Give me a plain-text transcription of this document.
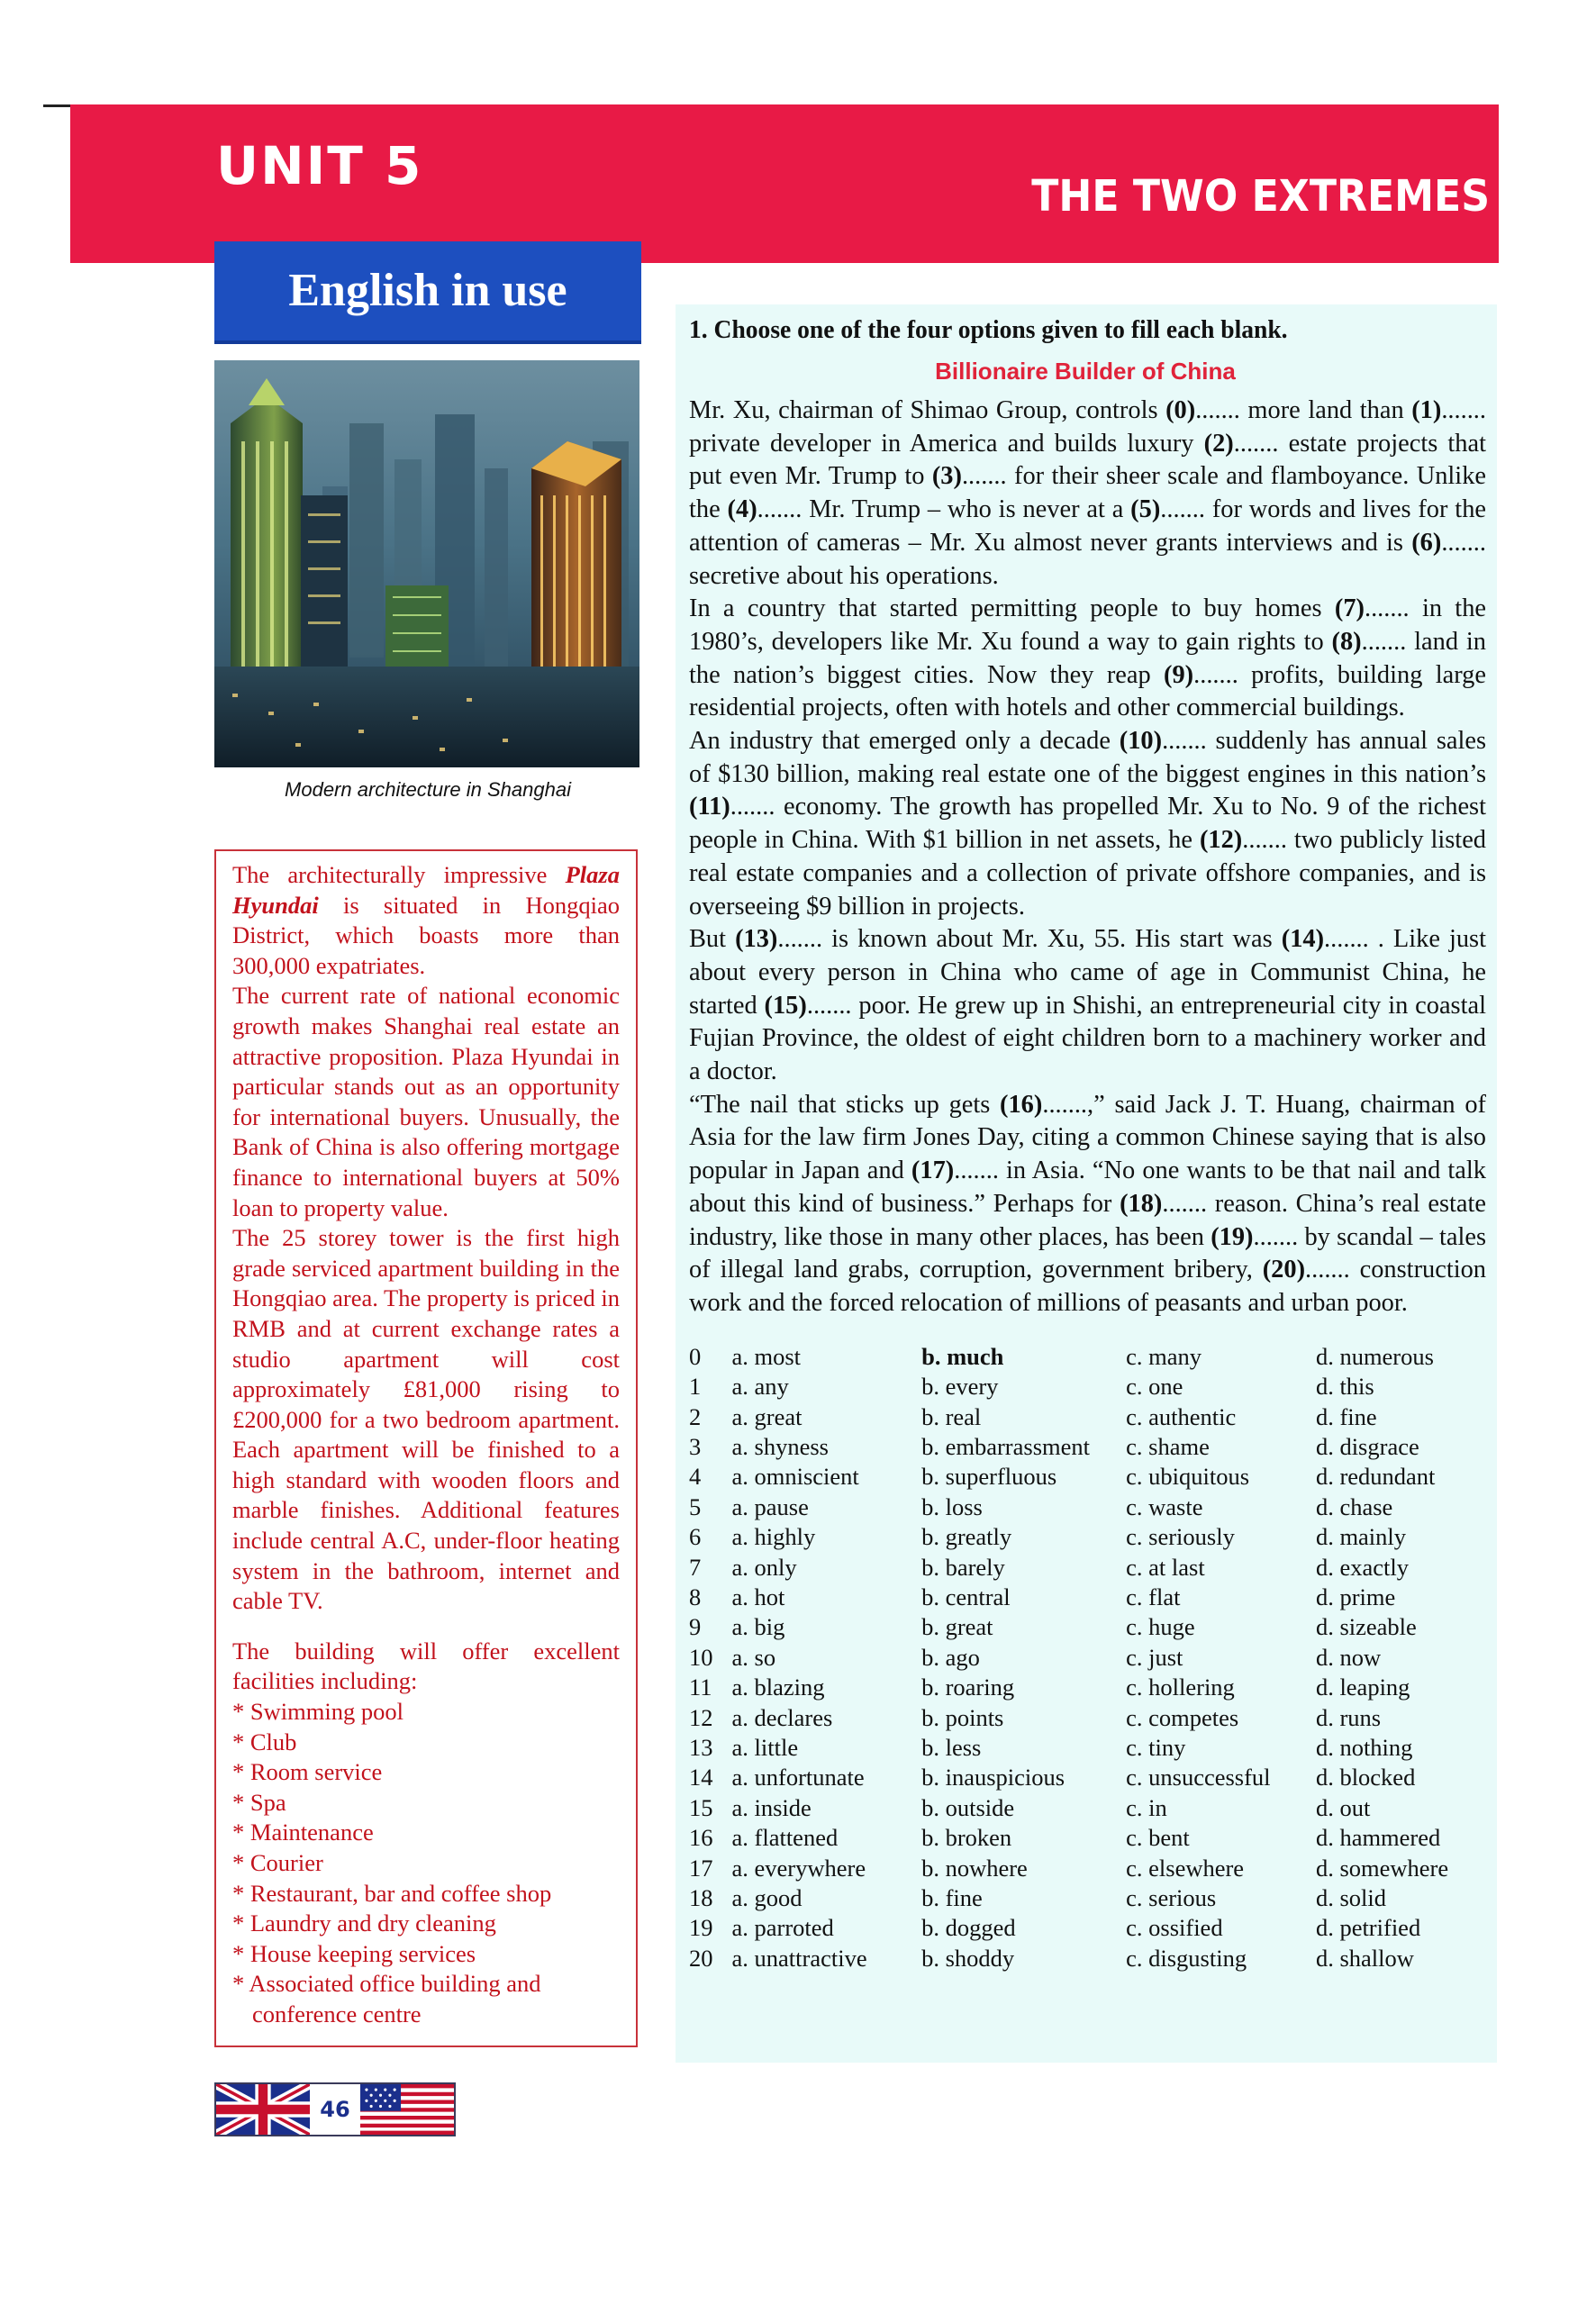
UNIT 5	THE TWO EXTREMES
English in use
Modern architecture in Shanghai

The architecturally impressive Plaza Hyundai is situated in Hongqiao District, which boasts more than 300,000 expatriates.

The current rate of national economic growth makes Shanghai real estate an attractive proposition. Plaza Hyundai in particular stands out as an opportunity for international buyers. Unusually, the Bank of China is also offering mortgage finance to international buyers at 50% loan to property value.

The 25 storey tower is the first high grade serviced apartment building in the Hongqiao area. The property is priced in RMB and at current exchange rates a studio apartment will cost approximately £81,000 rising to £200,000 for a two bedroom apartment. Each apartment will be finished to a high standard with wooden floors and marble finishes. Additional features include central A.C, under-floor heating system in the bathroom, internet and cable TV.

The building will offer excellent facilities including:

* Swimming pool
* Club
* Room service
* Spa
* Maintenance
* Courier
* Restaurant, bar and coffee shop
* Laundry and dry cleaning
* House keeping services
* Associated office building and conference centre
1. Choose one of the four options given to fill each blank.
Billionaire Builder of China

Mr. Xu, chairman of Shimao Group, controls (0)....... more land than (1)....... private developer in America and builds luxury (2)....... estate projects that put even Mr. Trump to (3)....... for their sheer scale and flamboyance. Unlike the (4)....... Mr. Trump – who is never at a (5)....... for words and lives for the attention of cameras – Mr. Xu almost never grants interviews and is (6)....... secretive about his operations.

In a country that started permitting people to buy homes (7)....... in the 1980’s, developers like Mr. Xu found a way to gain rights to (8)....... land in the nation’s biggest cities. Now they reap (9)....... profits, building large residential projects, often with hotels and other commercial buildings.

An industry that emerged only a decade (10)....... suddenly has annual sales of $130 billion, making real estate one of the biggest engines in this nation’s (11)....... economy. The growth has propelled Mr. Xu to No. 9 of the richest people in China. With $1 billion in net assets, he (12)....... two publicly listed real estate companies and a collection of private offshore companies, and is overseeing $9 billion in projects.

But (13)....... is known about Mr. Xu, 55. His start was (14)....... . Like just about every person in China who came of age in Communist China, he started (15)....... poor. He grew up in Shishi, an entrepreneurial city in coastal Fujian Province, the oldest of eight children born to a machinery worker and a doctor.

“The nail that sticks up gets (16).......,” said Jack J. T. Huang, chairman of Asia for the law firm Jones Day, citing a common Chinese saying that is also popular in Japan and (17)....... in Asia. “No one wants to be that nail and talk about this kind of business.” Perhaps for (18)....... reason. China’s real estate industry, like those in many other places, has been (19)....... by scandal – tales of illegal land grabs, corruption, government bribery, (20)....... construction work and the forced relocation of millions of peasants and urban poor.

0	a. most	b. much	c. many	d. numerous
1	a. any	b. every	c. one	d. this
2	a. great	b. real	c. authentic	d. fine
3	a. shyness	b. embarrassment	c. shame	d. disgrace
4	a. omniscient	b. superfluous	c. ubiquitous	d. redundant
5	a. pause	b. loss	c. waste	d. chase
6	a. highly	b. greatly	c. seriously	d. mainly
7	a. only	b. barely	c. at last	d. exactly
8	a. hot	b. central	c. flat	d. prime
9	a. big	b. great	c. huge	d. sizeable
10	a. so	b. ago	c. just	d. now
11	a. blazing	b. roaring	c. hollering	d. leaping
12	a. declares	b. points	c. competes	d. runs
13	a. little	b. less	c. tiny	d. nothing
14	a. unfortunate	b. inauspicious	c. unsuccessful	d. blocked
15	a. inside	b. outside	c. in	d. out
16	a. flattened	b. broken	c. bent	d. hammered
17	a. everywhere	b. nowhere	c. elsewhere	d. somewhere
18	a. good	b. fine	c. serious	d. solid
19	a. parroted	b. dogged	c. ossified	d. petrified
20	a. unattractive	b. shoddy	c. disgusting	d. shallow
46
